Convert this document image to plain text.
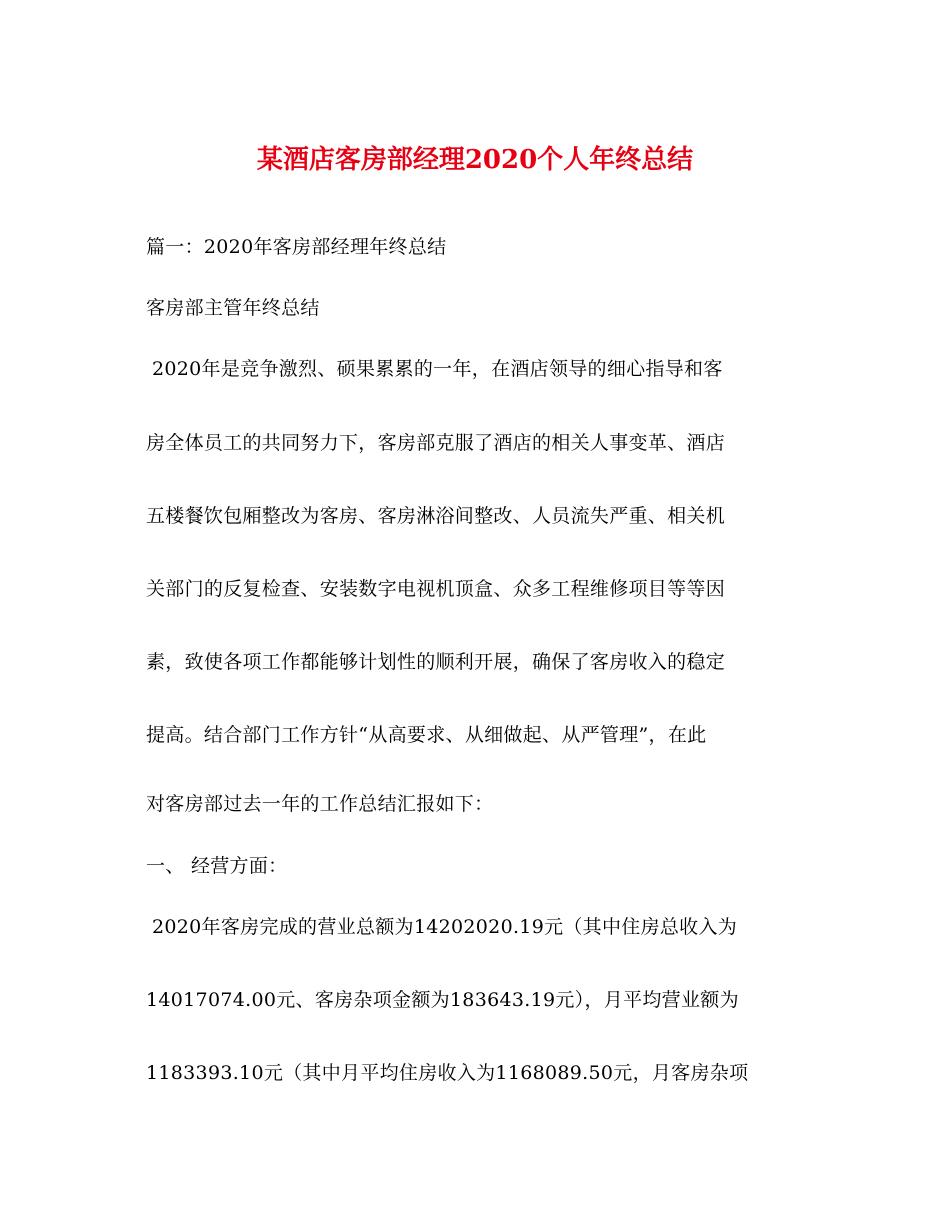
某酒店客房部经理2020个人年终总结
篇一：2020年客房部经理年终总结
客房部主管年终总结
2020年是竞争激烈、硕果累累的一年，在酒店领导的细心指导和客
房全体员工的共同努力下，客房部克服了酒店的相关人事变革、酒店
五楼餐饮包厢整改为客房、客房淋浴间整改、人员流失严重、相关机
关部门的反复检查、安装数字电视机顶盒、众多工程维修项目等等因
素，致使各项工作都能够计划性的顺利开展，确保了客房收入的稳定
提高。结合部门工作方针“从高要求、从细做起、从严管理”，在此
对客房部过去一年的工作总结汇报如下：
一、 经营方面：
2020年客房完成的营业总额为14202020.19元（其中住房总收入为
14017074.00元、客房杂项金额为183643.19元），月平均营业额为
1183393.10元（其中月平均住房收入为1168089.50元，月客房杂项
